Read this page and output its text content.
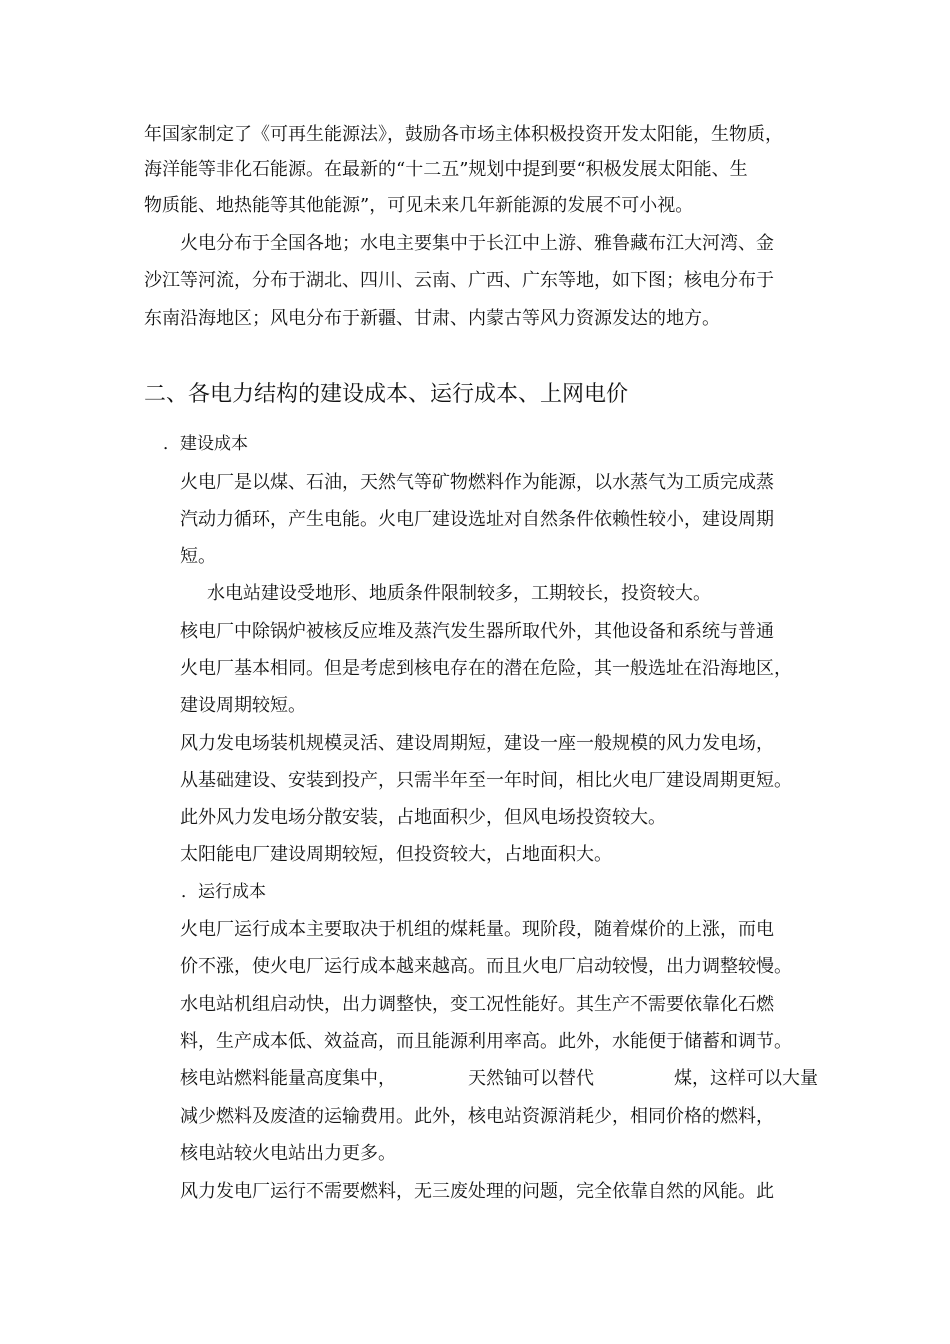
年国家制定了《可再生能源法》，鼓励各市场主体积极投资开发太阳能，生物质，
海洋能等非化石能源。在最新的“十二五”规划中提到要“积极发展太阳能、生
物质能、地热能等其他能源”，可见未来几年新能源的发展不可小视。
火电分布于全国各地；水电主要集中于长江中上游、雅鲁藏布江大河湾、金
沙江等河流，分布于湖北、四川、云南、广西、广东等地，如下图；核电分布于
东南沿海地区；风电分布于新疆、甘肃、内蒙古等风力资源发达的地方。
二、各电力结构的建设成本、运行成本、上网电价
．建设成本
火电厂是以煤、石油，天然气等矿物燃料作为能源，以水蒸气为工质完成蒸
汽动力循环，产生电能。火电厂建设选址对自然条件依赖性较小，建设周期
短。
水电站建设受地形、地质条件限制较多，工期较长，投资较大。
核电厂中除锅炉被核反应堆及蒸汽发生器所取代外，其他设备和系统与普通
火电厂基本相同。但是考虑到核电存在的潜在危险，其一般选址在沿海地区，
建设周期较短。
风力发电场装机规模灵活、建设周期短，建设一座一般规模的风力发电场，
从基础建设、安装到投产，只需半年至一年时间，相比火电厂建设周期更短。
此外风力发电场分散安装，占地面积少，但风电场投资较大。
太阳能电厂建设周期较短，但投资较大，占地面积大。
．运行成本
火电厂运行成本主要取决于机组的煤耗量。现阶段，随着煤价的上涨，而电
价不涨，使火电厂运行成本越来越高。而且火电厂启动较慢，出力调整较慢。
水电站机组启动快，出力调整快，变工况性能好。其生产不需要依靠化石燃
料，生产成本低、效益高，而且能源利用率高。此外，水能便于储蓄和调节。
核电站燃料能量高度集中，	天然铀可以替代	煤，这样可以大量
减少燃料及废渣的运输费用。此外，核电站资源消耗少，相同价格的燃料，
核电站较火电站出力更多。
风力发电厂运行不需要燃料，无三废处理的问题，完全依靠自然的风能。此
